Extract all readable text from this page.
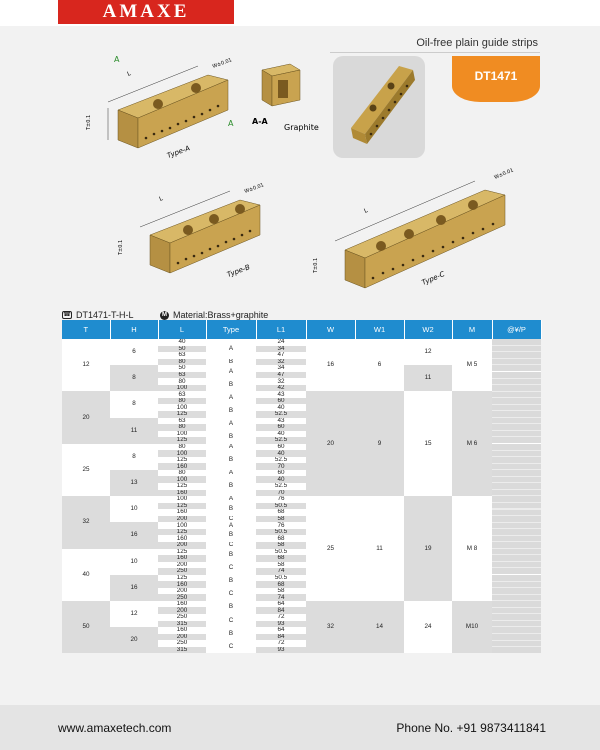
AMAXE
Oil-free plain guide strips
DT1471
L
T±0.1
W±0.01
Type-A
A
A A-A
Graphite
L
T±0.1
W±0.01
Type-B
L
T±0.1
W±0.01
Type-C
☎ DT1471-T-H-L	M Material:Brass+graphite
T	H	L	Type	L1	W	W1	W2	M	@¥/P
12	6	40	A	24	16	6	12	M 5	
		50		34					
		63		47					
		80	B	32					
	8	50	A	34			11		
		63		47					
		80	B	32					
		100		42					
20	8	63	A	43	20	9	15	M 6	
		80		60					
		100	B	40					
		125		52.5					
	11	63	A	43					
		80		60					
		100	B	40					
		125		52.5					
25	8	80	A	60					
		100	B	40					
		125		52.5					
		160		70					
	13	80	A	60					
		100	B	40					
		125		52.5					
		160		70					
32	10	100	A	76	25	11	19	M 8	
		125	B	50.5					
		160		68					
		200	C	58					
	16	100	A	76					
		125	B	50.5					
		160		68					
		200	C	58					
40	10	125	B	50.5					
		160		68					
		200	C	58					
		250		74					
	16	125	B	50.5					
		160		68					
		200	C	58					
		250		74					
50	12	160	B	64	32	14	24	M10	
		200		84					
		250	C	72					
		315		93					
	20	160	B	64					
		200		84					
		250	C	72					
		315		93					
www.amaxetech.com	Phone No. +91 9873411841
